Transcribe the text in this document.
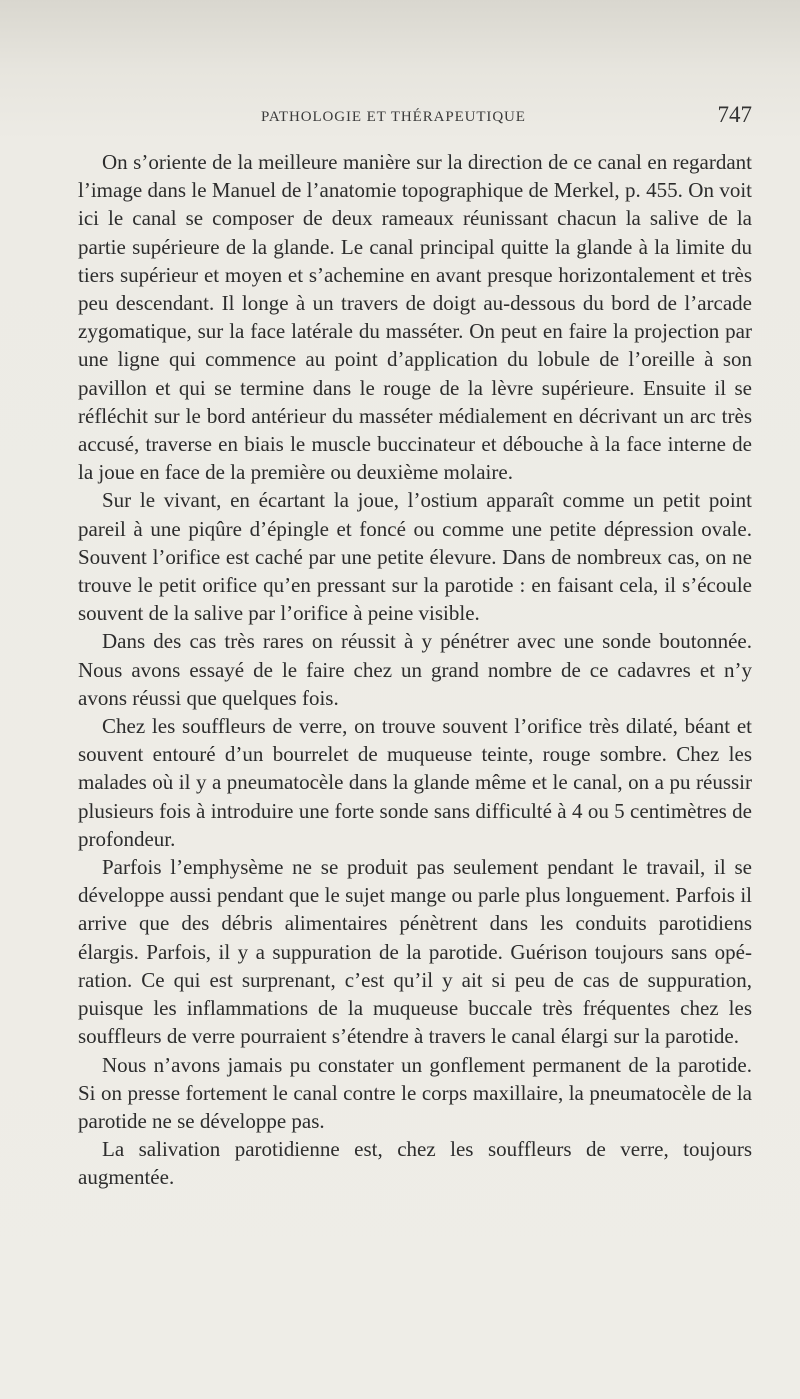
PATHOLOGIE ET THÉRAPEUTIQUE	747

On s’oriente de la meilleure manière sur la direction de ce canal en regardant l’image dans le Manuel de l’anatomie topographique de Merkel, p. 455. On voit ici le canal se composer de deux rameaux réunissant chacun la salive de la partie supérieure de la glande. Le canal principal quitte la glande à la limite du tiers supérieur et moyen et s’achemine en avant presque horizontalement et très peu descendant. Il longe à un travers de doigt au-dessous du bord de l’arcade zygomatique, sur la face latérale du masséter. On peut en faire la projection par une ligne qui commence au point d’application du lobule de l’oreille à son pavillon et qui se termine dans le rouge de la lèvre supérieure. Ensuite il se réfléchit sur le bord antérieur du masséter médialement en décrivant un arc très accusé, traverse en biais le muscle buccinateur et débouche à la face interne de la joue en face de la première ou deuxième molaire.

Sur le vivant, en écartant la joue, l’ostium apparaît comme un petit point pareil à une piqûre d’épingle et foncé ou comme une petite dépression ovale. Souvent l’orifice est caché par une petite élevure. Dans de nombreux cas, on ne trouve le petit orifice qu’en pressant sur la parotide : en faisant cela, il s’écoule souvent de la salive par l’orifice à peine visible.

Dans des cas très rares on réussit à y pénétrer avec une sonde boutonnée. Nous avons essayé de le faire chez un grand nombre de ce cadavres et n’y avons réussi que quelques fois.

Chez les souffleurs de verre, on trouve souvent l’orifice très dilaté, béant et souvent entouré d’un bourrelet de muqueuse teinte, rouge sombre. Chez les malades où il y a pneumatocèle dans la glande même et le canal, on a pu réussir plusieurs fois à introduire une forte sonde sans difficulté à 4 ou 5 centimètres de profondeur.

Parfois l’emphysème ne se produit pas seulement pendant le travail, il se développe aussi pendant que le sujet mange ou parle plus longuement. Parfois il arrive que des débris alimentaires pénètrent dans les conduits parotidiens élargis. Parfois, il y a suppuration de la parotide. Guérison toujours sans opération. Ce qui est surprenant, c’est qu’il y ait si peu de cas de suppuration, puisque les inflammations de la muqueuse buccale très fréquentes chez les souffleurs de verre pourraient s’étendre à travers le canal élargi sur la parotide.

Nous n’avons jamais pu constater un gonflement permanent de la parotide. Si on presse fortement le canal contre le corps maxillaire, la pneumatocèle de la parotide ne se développe pas.

La salivation parotidienne est, chez les souffleurs de verre, toujours augmentée.
